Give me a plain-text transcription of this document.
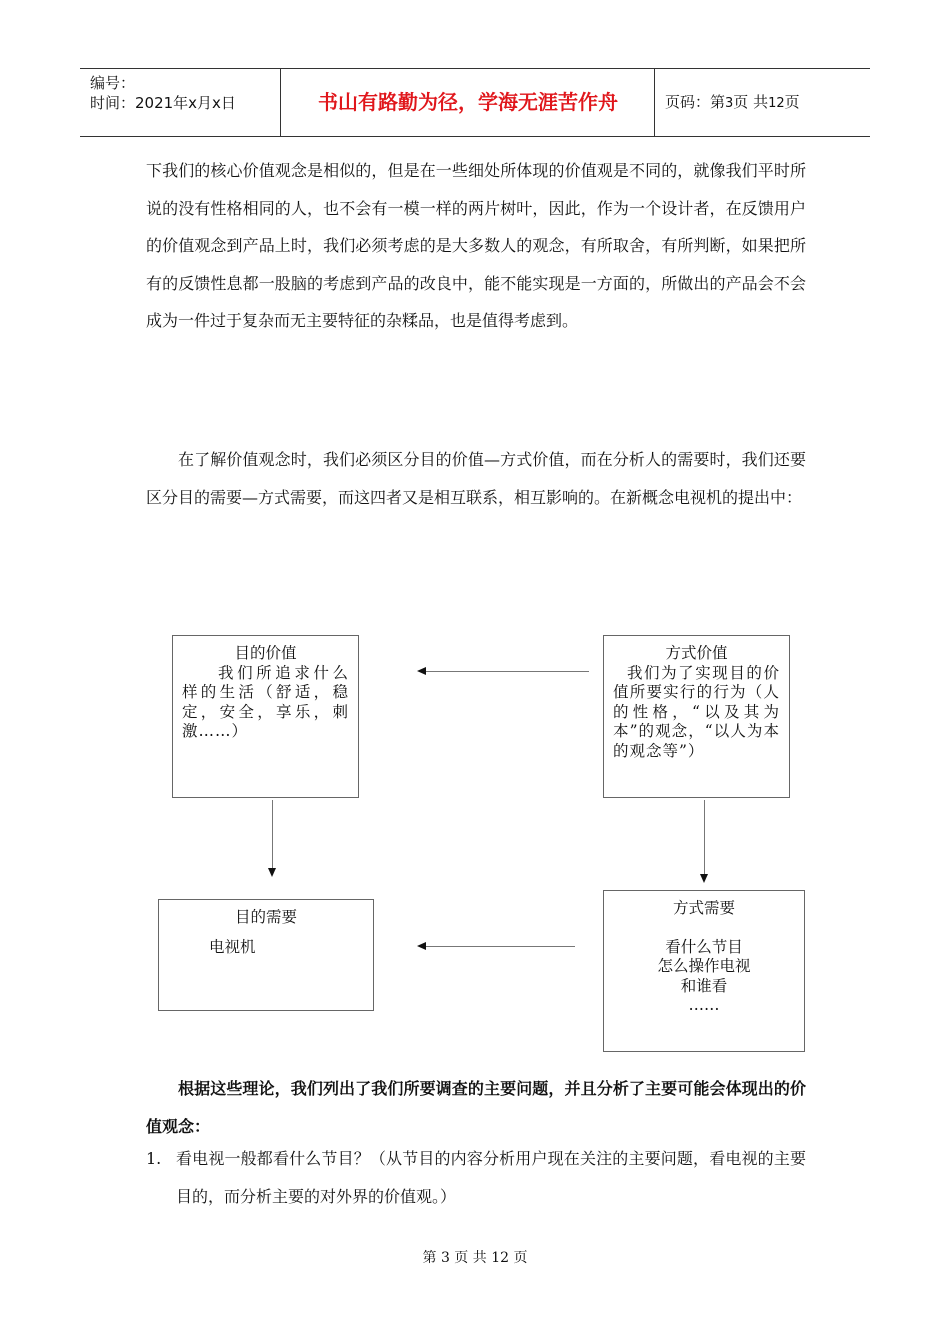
编号：
时间：2021年x月x日	书山有路勤为径，学海无涯苦作舟	页码：第3页 共12页

下我们的核心价值观念是相似的，但是在一些细处所体现的价值观是不同的，就像我们平时所说的没有性格相同的人，也不会有一模一样的两片树叶，因此，作为一个设计者，在反馈用户的价值观念到产品上时，我们必须考虑的是大多数人的观念，有所取舍，有所判断，如果把所有的反馈性息都一股脑的考虑到产品的改良中，能不能实现是一方面的，所做出的产品会不会成为一件过于复杂而无主要特征的杂糅品，也是值得考虑到。

在了解价值观念时，我们必须区分目的价值—方式价值，而在分析人的需要时，我们还要区分目的需要—方式需要，而这四者又是相互联系，相互影响的。在新概念电视机的提出中：

目的价值
我们所追求什么样的生活（舒适，稳定，安全，享乐，刺激……）
方式价值
我们为了实现目的价值所要实行的行为（人的性格，“以及其为本”的观念，“以人为本的观念等”）
目的需要
电视机
方式需要
看什么节目
怎么操作电视
和谁看
……

根据这些理论，我们列出了我们所要调查的主要问题，并且分析了主要可能会体现出的价值观念：

1. 看电视一般都看什么节目？（从节目的内容分析用户现在关注的主要问题，看电视的主要目的，而分析主要的对外界的价值观。）

第 3 页 共 12 页
